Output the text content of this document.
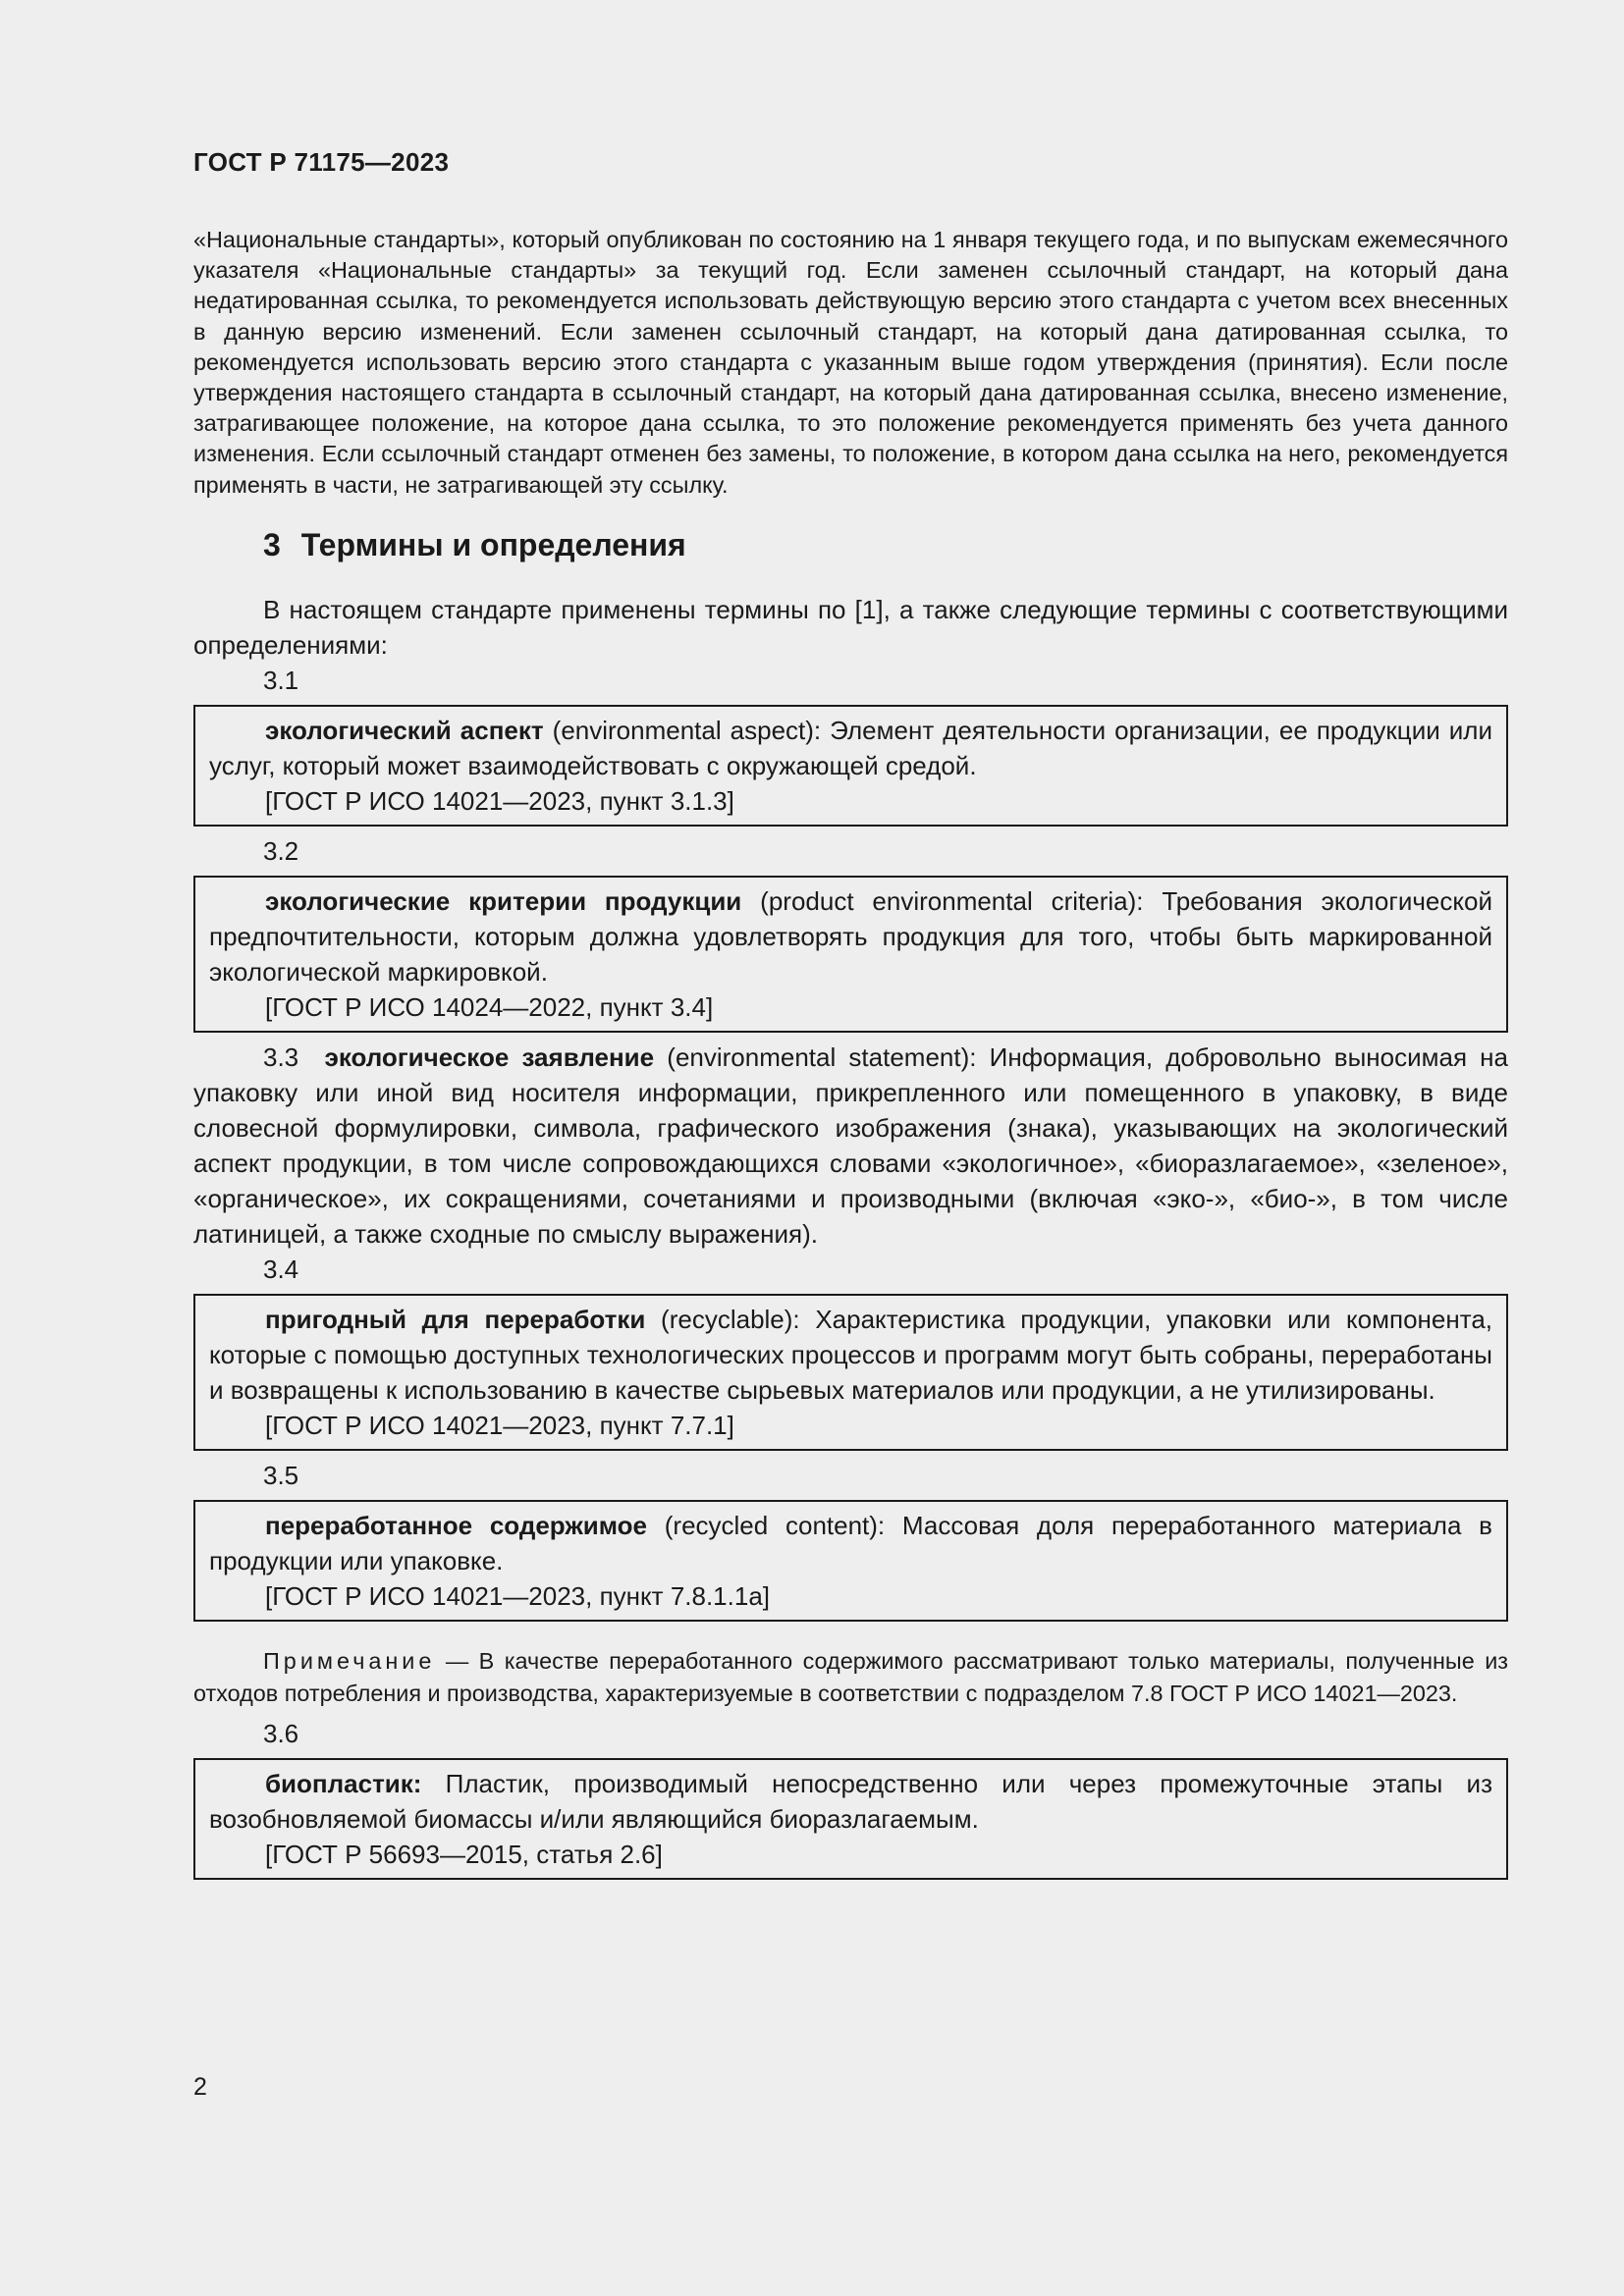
ГОСТ Р 71175—2023

«Национальные стандарты», который опубликован по состоянию на 1 января текущего года, и по выпускам ежемесячного указателя «Национальные стандарты» за текущий год. Если заменен ссылочный стандарт, на который дана недатированная ссылка, то рекомендуется использовать действующую версию этого стандарта с учетом всех внесенных в данную версию изменений. Если заменен ссылочный стандарт, на который дана датированная ссылка, то рекомендуется использовать версию этого стандарта с указанным выше годом утверждения (принятия). Если после утверждения настоящего стандарта в ссылочный стандарт, на который дана датированная ссылка, внесено изменение, затрагивающее положение, на которое дана ссылка, то это положение рекомендуется применять без учета данного изменения. Если ссылочный стандарт отменен без замены, то положение, в котором дана ссылка на него, рекомендуется применять в части, не затрагивающей эту ссылку.

3 Термины и определения

В настоящем стандарте применены термины по [1], а также следующие термины с соответствующими определениями:

3.1

экологический аспект (environmental aspect): Элемент деятельности организации, ее продукции или услуг, который может взаимодействовать с окружающей средой.

[ГОСТ Р ИСО 14021—2023, пункт 3.1.3]

3.2

экологические критерии продукции (product environmental criteria): Требования экологической предпочтительности, которым должна удовлетворять продукция для того, чтобы быть маркированной экологической маркировкой.

[ГОСТ Р ИСО 14024—2022, пункт 3.4]

3.3 экологическое заявление (environmental statement): Информация, добровольно выносимая на упаковку или иной вид носителя информации, прикрепленного или помещенного в упаковку, в виде словесной формулировки, символа, графического изображения (знака), указывающих на экологический аспект продукции, в том числе сопровождающихся словами «экологичное», «биоразлагаемое», «зеленое», «органическое», их сокращениями, сочетаниями и производными (включая «эко-», «био-», в том числе латиницей, а также сходные по смыслу выражения).

3.4

пригодный для переработки (recyclable): Характеристика продукции, упаковки или компонента, которые с помощью доступных технологических процессов и программ могут быть собраны, переработаны и возвращены к использованию в качестве сырьевых материалов или продукции, а не утилизированы.

[ГОСТ Р ИСО 14021—2023, пункт 7.7.1]

3.5

переработанное содержимое (recycled content): Массовая доля переработанного материала в продукции или упаковке.

[ГОСТ Р ИСО 14021—2023, пункт 7.8.1.1а]

Примечание — В качестве переработанного содержимого рассматривают только материалы, полученные из отходов потребления и производства, характеризуемые в соответствии с подразделом 7.8 ГОСТ Р ИСО 14021—2023.

3.6

биопластик: Пластик, производимый непосредственно или через промежуточные этапы из возобновляемой биомассы и/или являющийся биоразлагаемым.

[ГОСТ Р 56693—2015, статья 2.6]

2
